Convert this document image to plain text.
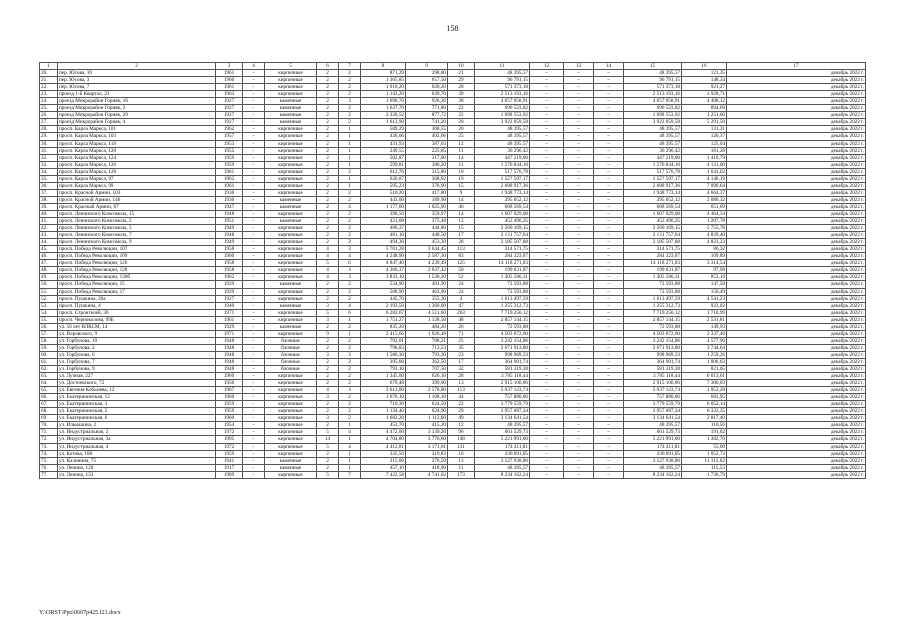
158
1	2	3	4	5	6	7	8	9	10	11	12	13	14	15	16	17
20.	пер. Юсова, 10	1961	-	кирпичные	2	2	871,39	398,80	21	48 395,57	–	–	–	48 395,57	121,35	декабрь 2022 г.
21.	пер. Юсова, 3	1960	-	кирпичные	2	2	1 365,85	657,50	29	96 791,15	–	–	–	96 791,15	148,34	декабрь 2022 г.
22.	пер. Юсова, 7	1961	-	кирпичные	2	2	1 010,20	620,20	28	571 373,18	–	–	–	571 373,18	921,27	декабрь 2022 г.
23.	проезд 1-й Квартал, 23	1963	-	кирпичные	2	2	1 143,20	639,70	39	2 513 193,16	–	–	–	2 513 193,16	3 928,71	декабрь 2022 г.
24.	проезд Микрорайон Горняк, 16	1927	-	каменные	2	3	1 690,76	926,36	38	4 057 058,91	–	–	–	4 057 058,91	4 408,12	декабрь 2022 г.
25.	проезд Микрорайон Горняк, 2	1927	-	каменные	2	2	1 637,70	771,80	22	690 523,82	–	–	–	690 523,82	894,69	декабрь 2022 г.
26.	проезд Микрорайон Горняк, 20	1927	-	каменные	2	2	2 320,52	877,72	22	1 098 553,92	–	–	–	1 098 553,92	1 251,60	декабрь 2022 г.
27.	проезд Микрорайон Горняк, 4	1927	-	каменные	2	2	1 612,90	741,20	20	3 922 059,58	–	–	–	3 922 059,58	5 291,50	декабрь 2022 г.
28.	просп. Карла Маркса, 101	1962	-	кирпичные	2	1	589,29	368,55	20	48 395,57	–	–	–	48 395,57	131,31	декабрь 2022 г.
29.	просп. Карла Маркса, 103	1957	-	кирпичные	2	1	436,06	402,06	25	48 395,57	–	–	–	48 395,57	120,37	декабрь 2022 г.
30.	просп. Карла Маркса, 118	1953	-	кирпичные	2	1	431,93	387,03	12	48 395,57	–	–	–	48 395,57	125,04	декабрь 2022 г.
31.	просп. Карла Маркса, 120	1955	-	кирпичные	2	1	249,55	225,05	11	36 296,42	–	–	–	36 296,42	161,28	декабрь 2022 г.
32.	просп. Карла Маркса, 124	1959	-	кирпичные	2	1	502,87	317,00	14	447 219,00	–	–	–	447 219,00	1 410,79	декабрь 2022 г.
33.	просп. Карла Маркса, 126	1959	-	кирпичные	2	1	599,81	380,20	11	1 570 834,10	–	–	–	1 570 834,10	4 131,60	декабрь 2022 г.
34.	просп. Карла Маркса, 128	1961	-	кирпичные	2	2	612,76	315,80	10	517 576,78	–	–	–	517 576,78	1 641,02	декабрь 2022 г.
35.	просп. Карла Маркса, 97	1962	-	кирпичные	2	1	626,87	368,92	19	1 527 597,17	–	–	–	1 527 597,17	4 140,19	декабрь 2022 г.
36.	просп. Карла Маркса, 99	1961	-	кирпичные	2	1	595,23	378,90	15	2 688 917,36	–	–	–	2 688 917,36	7 096,64	декабрь 2022 г.
37.	просп. Красной Армии, 103	1930	-	кирпичные	2	2	510,20	417,80	9	1 948 773,14	–	–	–	1 948 773,14	4 664,37	декабрь 2022 г.
38.	просп. Красной Армии, 146	1930	-	каменные	2	2	443,00	189,90	14	395 052,12	–	–	–	395 052,12	2 080,32	декабрь 2022 г.
39.	просп. Красный Армии, 67	1947	-	каменные	2	4	1 177,00	1 025,90	46	668 569,54	–	–	–	668 569,54	651,69	декабрь 2022 г.
40.	просп. Ленинского Комсомола, 15	1948	-	кирпичные	2	2	398,50	359,97	14	1 607 029,08	–	–	–	1 607 029,08	4 464,34	декабрь 2022 г.
41.	просп. Ленинского Комсомола, 2	1951	-	каменные	2	2	421,08	375,48	12	453 496,35	–	–	–	453 496,35	1 207,78	декабрь 2022 г.
42.	просп. Ленинского Комсомола, 5	1949	-	кирпичные	2	2	486,37	444,80	15	2 560 169,15	–	–	–	2 560 169,15	5 755,78	декабрь 2022 г.
43.	просп. Ленинского Комсомола, 7	1948	-	кирпичные	2	2	481,10	440,50	17	2 131 757,64	–	–	–	2 131 757,64	4 839,40	декабрь 2022 г.
44.	просп. Ленинского Комсомола, 9	1949	-	кирпичные	2	2	494,30	453,30	28	2 185 507,88	–	–	–	2 185 507,88	4 823,33	декабрь 2022 г.
45.	просп. Победа Революции, 107	1958	-	кирпичные	4	3	5 701,28	3 644,45	113	314 571,75	–	–	–	314 571,75	86,32	декабрь 2022 г.
46.	просп. Победа Революции, 109	1960	-	кирпичные	4	4	4 248,90	2 587,30	83	284 323,87	–	–	–	284 323,87	109,89	декабрь 2022 г.
47.	просп. Победа Революции, 126	1958	-	кирпичные	5	6	4 847,40	4 239,49	125	14 118 271,03	–	–	–	14 118 271,03	3 314,54	декабрь 2022 г.
48.	просп. Победа Революции, 128	1958	-	кирпичные	4	3	4 366,37	2 037,42	50	199 631,87	–	–	–	199 631,87	97,98	декабрь 2022 г.
49.	просп. Победа Революции, 130б	1962	-	кирпичные	4	3	3 833,10	1 530,30	52	1 305 586,31	–	–	–	1 305 586,31	853,16	декабрь 2022 г.
50.	просп. Победа Революции, 15	1929	-	каменные	2	2	534,90	491,90	24	72 593,88	–	–	–	72 593,88	147,58	декабрь 2022 г.
51.	просп. Победа Революции, 17	1929	-	кирпичные	2	2	508,90	463,90	24	72 593,88	–	–	–	72 593,88	156,49	декабрь 2022 г.
52.	просп. Пушкина, 20а	1927	-	кирпичные	2	2	445,70	355,30	4	1 613 497,59	–	–	–	1 613 497,59	4 541,23	декабрь 2022 г.
53.	просп. Пушкина, 4	1940	-	каменные	3	4	2 193,50	1 360,00	47	1 255 312,73	–	–	–	1 255 312,73	923,02	декабрь 2022 г.
54.	просп. Строителей, 36	1971	-	кирпичные	5	6	6 282,67	4 511,60	263	7 719 256,12	–	–	–	7 719 256,12	1 710,99	декабрь 2022 г.
55.	просп. Черноколова, 99Б	1961	-	кирпичные	3	1	1 751,27	1 128,50	48	2 857 144,15	–	–	–	2 857 144,15	2 531,81	декабрь 2022 г.
56.	ул. 50 лет ВЛКСМ, 14	1929	-	каменные	2	2	835,20	484,20	26	72 593,88	–	–	–	72 593,88	149,93	декабрь 2022 г.
57.	ул. Воровского, 9	1971	-	кирпичные	9	1	2 415,66	1 926,48	71	4 503 072,60	–	–	–	4 503 072,60	2 337,46	декабрь 2022 г.
58.	ул. Горбунова, 10	1948	-	блочные	2	2	792,01	708,21	25	3 242 154,86	–	–	–	3 242 154,86	4 577,96	декабрь 2022 г.
59.	ул. Горбунова, 2	1948	-	блочные	2	2	796,83	713,53	35	2 671 913,80	–	–	–	2 671 913,80	3 744,64	декабрь 2022 г.
60.	ул. Горбунова, 6	1948	-	блочные	3	3	1 586,30	793,30	23	998 969,33	–	–	–	998 969,33	1 259,26	декабрь 2022 г.
61.	ул. Горбунова, 7	1948	-	блочные	2	2	395,00	362,50	17	364 901,74	–	–	–	364 901,74	1 006,63	декабрь 2022 г.
62.	ул. Горбунова, 9	1948	-	блочные	2	2	792,10	707,50	32	581 319,28	–	–	–	581 319,28	821,65	декабрь 2022 г.
63.	ул. Лучная, 227	1960	-	кирпичные	2	2	1 345,00	626,10	28	3 765 118,44	–	–	–	3 765 118,44	6 013,61	декабрь 2022 г.
64.	ул. Достоевского, 72	1950	-	кирпичные	2	2	679,48	399,00	13	2 915 106,86	–	–	–	2 915 106,86	7 306,03	декабрь 2022 г.
65.	ул. Евгения Кобызева, 12	1967	-	кирпичные	4	3	3 613,00	2 578,80	113	5 037 123,74	–	–	–	5 037 123,74	1 953,28	декабрь 2022 г.
66.	ул. Екатерининская, 12	1960	-	кирпичные	3	2	1 676,10	1 108,10	44	757 880,86	–	–	–	757 880,86	683,95	декабрь 2022 г.
67.	ул. Екатерининская, 3	1959	-	кирпичные	2	2	710,30	624,50	22	3 779 559,79	–	–	–	3 779 559,79	6 052,14	декабрь 2022 г.
68.	ул. Екатерининская, 5	1959	-	кирпичные	2	2	1 134,40	624,90	29	3 957 087,34	–	–	–	3 957 087,34	6 332,35	декабрь 2022 г.
69.	ул. Екатерининская, 6	1960	-	кирпичные	3	2	1 682,20	1 112,60	49	3 134 641,54	–	–	–	3 134 641,54	2 817,40	декабрь 2022 г.
70.	ул. Ильюшина, 2	1954	-	кирпичные	2	1	452,70	415,20	12	48 395,57	–	–	–	48 395,57	116,56	декабрь 2022 г.
71.	ул. Индустриальная, 2	1972	-	кирпичные	5	4	4 472,00	3 139,20	96	601 529,73	–	–	–	601 529,73	191,62	декабрь 2022 г.
72.	ул. Индустриальная, 3а	1995	-	кирпичные	14	1	4 704,80	3 776,60	148	5 221 991,00	–	–	–	5 221 991,00	1 382,70	декабрь 2022 г.
73.	ул. Индустриальная, 4	1972	-	кирпичные	5	4	4 412,81	3 171,01	131	174 411,81	–	–	–	174 411,81	55,00	декабрь 2022 г.
74.	ул. Котова, 108	1959	-	кирпичные	2	1	335,50	319,83	16	336 691,05	–	–	–	336 691,05	1 052,72	декабрь 2022 г.
75.	ул. Калинина, 75	1941	-	каменные	2	1	315,00	276,50	13	3 127 938,86	–	–	–	3 127 938,86	11 312,62	декабрь 2022 г.
76.	ул. Ленина, 120	1917	-	каменные	2	1	457,10	418,90	11	48 395,57	–	–	–	48 395,57	115,53	декабрь 2022 г.
77.	ул. Ленина, 133	1989	-	кирпичные	5	7	7 422,58	4 741,02	173	8 234 162,24	–	–	–	8 234 162,24	1 736,79	декабрь 2022 г.
Y:\ORST\Ppo\0607p425.f21.docx
